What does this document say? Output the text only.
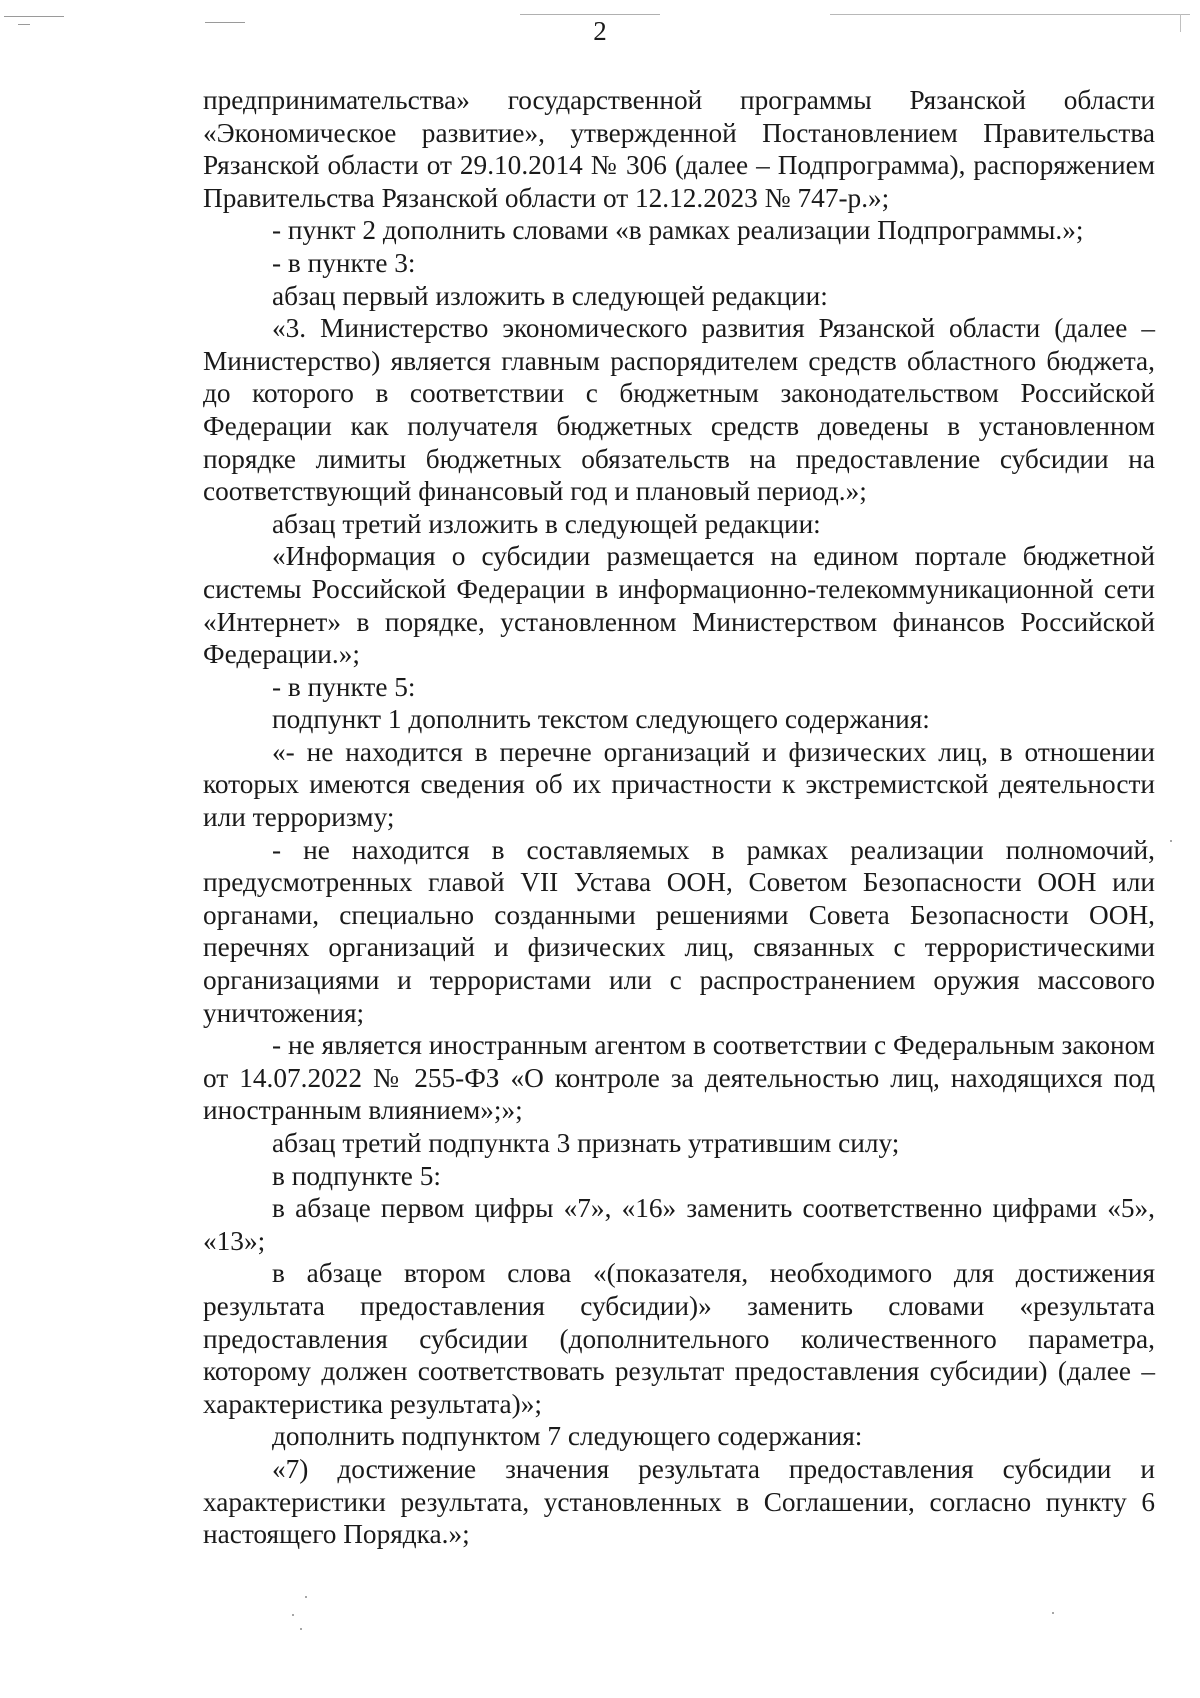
2

предпринимательства» государственной программы Рязанской области «Экономическое развитие», утвержденной Постановлением Правительства Рязанской области от 29.10.2014 № 306 (далее – Подпрограмма), распоряжением Правительства Рязанской области от 12.12.2023 № 747-р.»;

- пункт 2 дополнить словами «в рамках реализации Подпрограммы.»;

- в пункте 3:

абзац первый изложить в следующей редакции:

«3. Министерство экономического развития Рязанской области (далее – Министерство) является главным распорядителем средств областного бюджета, до которого в соответствии с бюджетным законодательством Российской Федерации как получателя бюджетных средств доведены в установленном порядке лимиты бюджетных обязательств на предоставление субсидии на соответствующий финансовый год и плановый период.»;

абзац третий изложить в следующей редакции:

«Информация о субсидии размещается на едином портале бюджетной системы Российской Федерации в информационно-телекоммуникационной сети «Интернет» в порядке, установленном Министерством финансов Российской Федерации.»;

- в пункте 5:

подпункт 1 дополнить текстом следующего содержания:

«- не находится в перечне организаций и физических лиц, в отношении которых имеются сведения об их причастности к экстремистской деятельности или терроризму;

- не находится в составляемых в рамках реализации полномочий, предусмотренных главой VII Устава ООН, Советом Безопасности ООН или органами, специально созданными решениями Совета Безопасности ООН, перечнях организаций и физических лиц, связанных с террористическими организациями и террористами или с распространением оружия массового уничтожения;

- не является иностранным агентом в соответствии с Федеральным законом от 14.07.2022 № 255-ФЗ «О контроле за деятельностью лиц, находящихся под иностранным влиянием»;»;

абзац третий подпункта 3 признать утратившим силу;

в подпункте 5:

в абзаце первом цифры «7», «16» заменить соответственно цифрами «5», «13»;

в абзаце втором слова «(показателя, необходимого для достижения результата предоставления субсидии)» заменить словами «результата предоставления субсидии (дополнительного количественного параметра, которому должен соответствовать результат предоставления субсидии) (далее – характеристика результата)»;

дополнить подпунктом 7 следующего содержания:

«7) достижение значения результата предоставления субсидии и характеристики результата, установленных в Соглашении, согласно пункту 6 настоящего Порядка.»;
